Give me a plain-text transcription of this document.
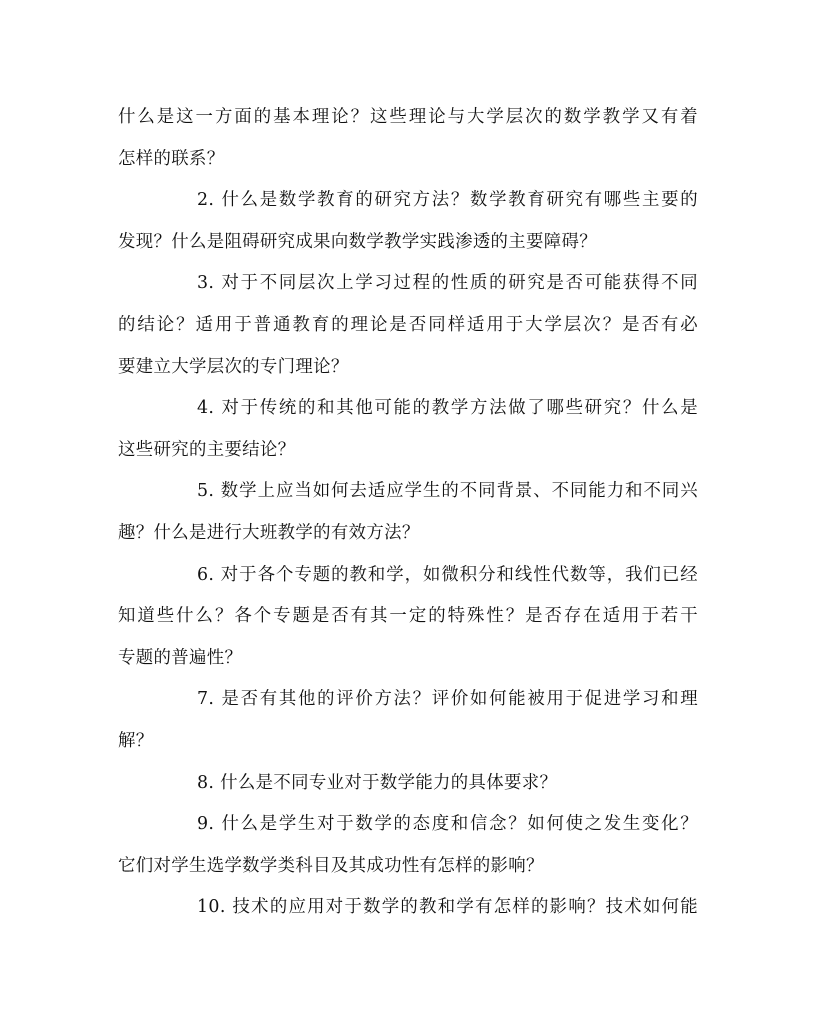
什么是这一方面的基本理论？这些理论与大学层次的数学教学又有着
怎样的联系？
2. 什么是数学教育的研究方法？数学教育研究有哪些主要的
发现？什么是阻碍研究成果向数学教学实践渗透的主要障碍？
3. 对于不同层次上学习过程的性质的研究是否可能获得不同
的结论？适用于普通教育的理论是否同样适用于大学层次？是否有必
要建立大学层次的专门理论？
4. 对于传统的和其他可能的教学方法做了哪些研究？什么是
这些研究的主要结论？
5. 数学上应当如何去适应学生的不同背景、不同能力和不同兴
趣？什么是进行大班教学的有效方法？
6. 对于各个专题的教和学，如微积分和线性代数等，我们已经
知道些什么？各个专题是否有其一定的特殊性？是否存在适用于若干
专题的普遍性？
7. 是否有其他的评价方法？评价如何能被用于促进学习和理
解？
8. 什么是不同专业对于数学能力的具体要求？
9. 什么是学生对于数学的态度和信念？如何使之发生变化？
它们对学生选学数学类科目及其成功性有怎样的影响？
10. 技术的应用对于数学的教和学有怎样的影响？技术如何能
